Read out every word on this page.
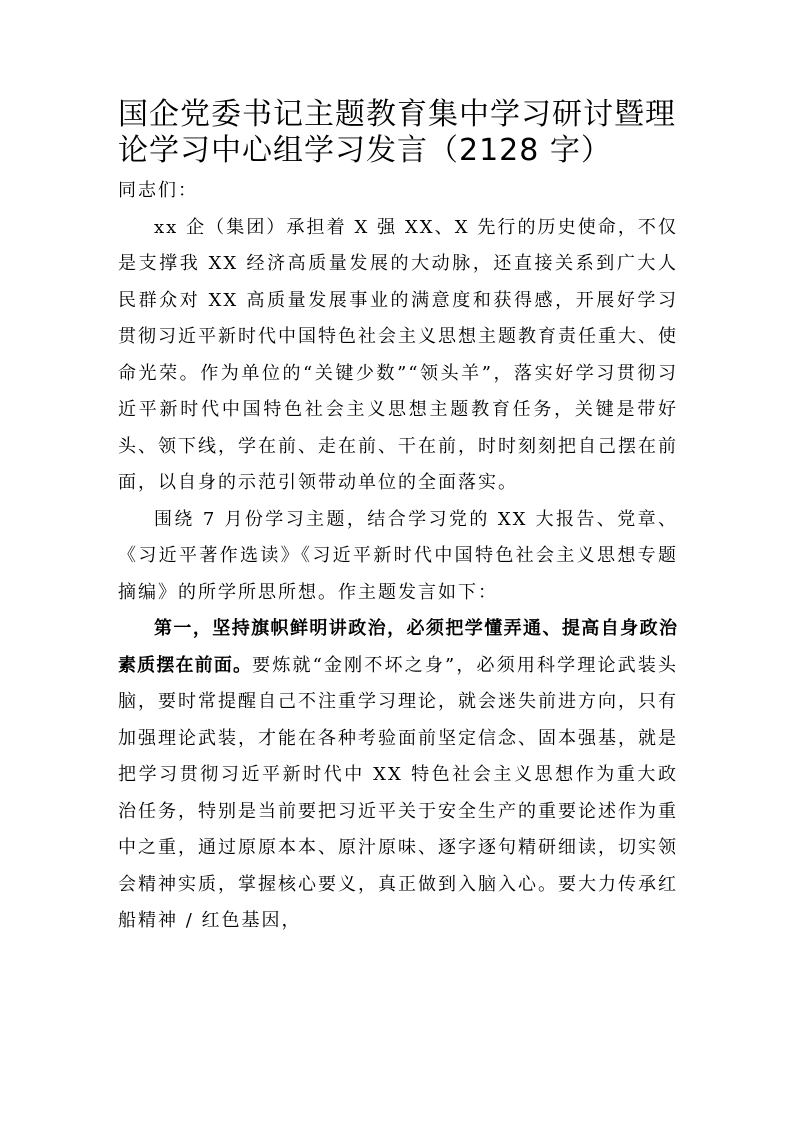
国企党委书记主题教育集中学习研讨暨理论学习中心组学习发言（2128 字）

同志们：

xx 企（集团）承担着 X 强 XX、X 先行的历史使命，不仅是支撑我 XX 经济高质量发展的大动脉，还直接关系到广大人民群众对 XX 高质量发展事业的满意度和获得感，开展好学习贯彻习近平新时代中国特色社会主义思想主题教育责任重大、使命光荣。作为单位的“关键少数”“领头羊”，落实好学习贯彻习近平新时代中国特色社会主义思想主题教育任务，关键是带好头、领下线，学在前、走在前、干在前，时时刻刻把自己摆在前面，以自身的示范引领带动单位的全面落实。

围绕 7 月份学习主题，结合学习党的 XX 大报告、党章、《习近平著作选读》《习近平新时代中国特色社会主义思想专题摘编》的所学所思所想。作主题发言如下：

第一，坚持旗帜鲜明讲政治，必须把学懂弄通、提高自身政治素质摆在前面。要炼就“金刚不坏之身”，必须用科学理论武装头脑，要时常提醒自己不注重学习理论，就会迷失前进方向，只有加强理论武装，才能在各种考验面前坚定信念、固本强基，就是把学习贯彻习近平新时代中 XX 特色社会主义思想作为重大政治任务，特别是当前要把习近平关于安全生产的重要论述作为重中之重，通过原原本本、原汁原味、逐字逐句精研细读，切实领会精神实质，掌握核心要义，真正做到入脑入心。要大力传承红船精神 / 红色基因，
